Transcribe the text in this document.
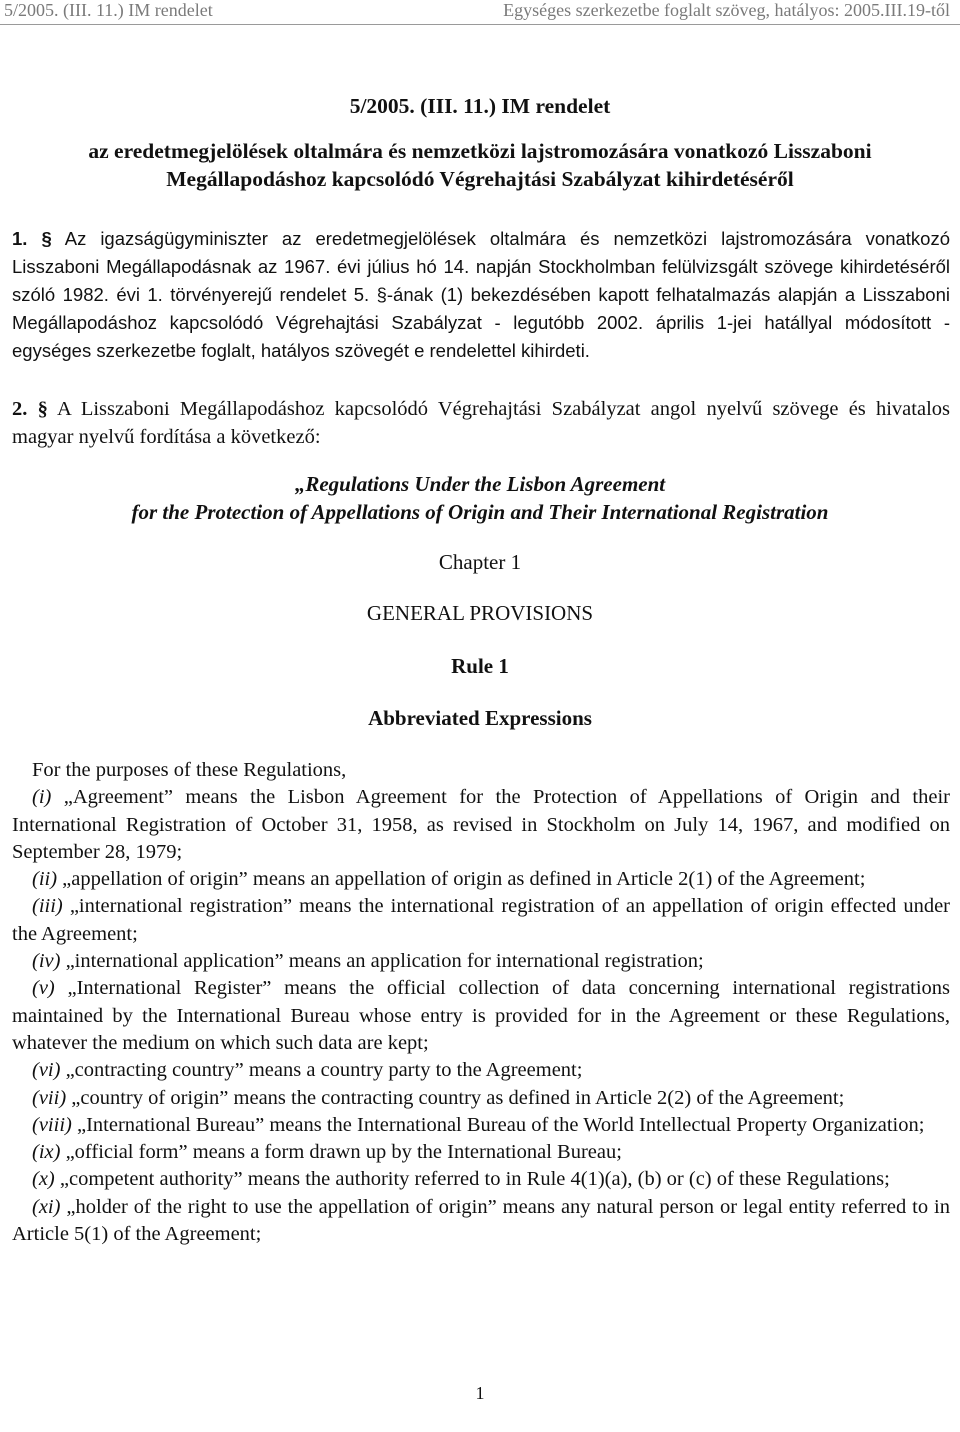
5/2005. (III. 11.) IM rendelet	Egységes szerkezetbe foglalt szöveg, hatályos: 2005.III.19-től
5/2005. (III. 11.) IM rendelet
az eredetmegjelölések oltalmára és nemzetközi lajstromozására vonatkozó Lisszaboni
Megállapodáshoz kapcsolódó Végrehajtási Szabályzat kihirdetéséről
1. § Az igazságügyminiszter az eredetmegjelölések oltalmára és nemzetközi lajstromozására vonatkozó Lisszaboni Megállapodásnak az 1967. évi július hó 14. napján Stockholmban felülvizsgált szövege kihirdetéséről szóló 1982. évi 1. törvényerejű rendelet 5. §-ának (1) bekezdésében kapott felhatalmazás alapján a Lisszaboni Megállapodáshoz kapcsolódó Végrehajtási Szabályzat - legutóbb 2002. április 1-jei hatállyal módosított - egységes szerkezetbe foglalt, hatályos szövegét e rendelettel kihirdeti.
2. § A Lisszaboni Megállapodáshoz kapcsolódó Végrehajtási Szabályzat angol nyelvű szövege és hivatalos magyar nyelvű fordítása a következő:
„Regulations Under the Lisbon Agreement
for the Protection of Appellations of Origin and Their International Registration
Chapter 1
GENERAL PROVISIONS
Rule 1
Abbreviated Expressions
For the purposes of these Regulations,
(i) „Agreement” means the Lisbon Agreement for the Protection of Appellations of Origin and their International Registration of October 31, 1958, as revised in Stockholm on July 14, 1967, and modified on September 28, 1979;
(ii) „appellation of origin” means an appellation of origin as defined in Article 2(1) of the Agreement;
(iii) „international registration” means the international registration of an appellation of origin effected under the Agreement;
(iv) „international application” means an application for international registration;
(v) „International Register” means the official collection of data concerning international registrations maintained by the International Bureau whose entry is provided for in the Agreement or these Regulations, whatever the medium on which such data are kept;
(vi) „contracting country” means a country party to the Agreement;
(vii) „country of origin” means the contracting country as defined in Article 2(2) of the Agreement;
(viii) „International Bureau” means the International Bureau of the World Intellectual Property Organization;
(ix) „official form” means a form drawn up by the International Bureau;
(x) „competent authority” means the authority referred to in Rule 4(1)(a), (b) or (c) of these Regulations;
(xi) „holder of the right to use the appellation of origin” means any natural person or legal entity referred to in Article 5(1) of the Agreement;
1
